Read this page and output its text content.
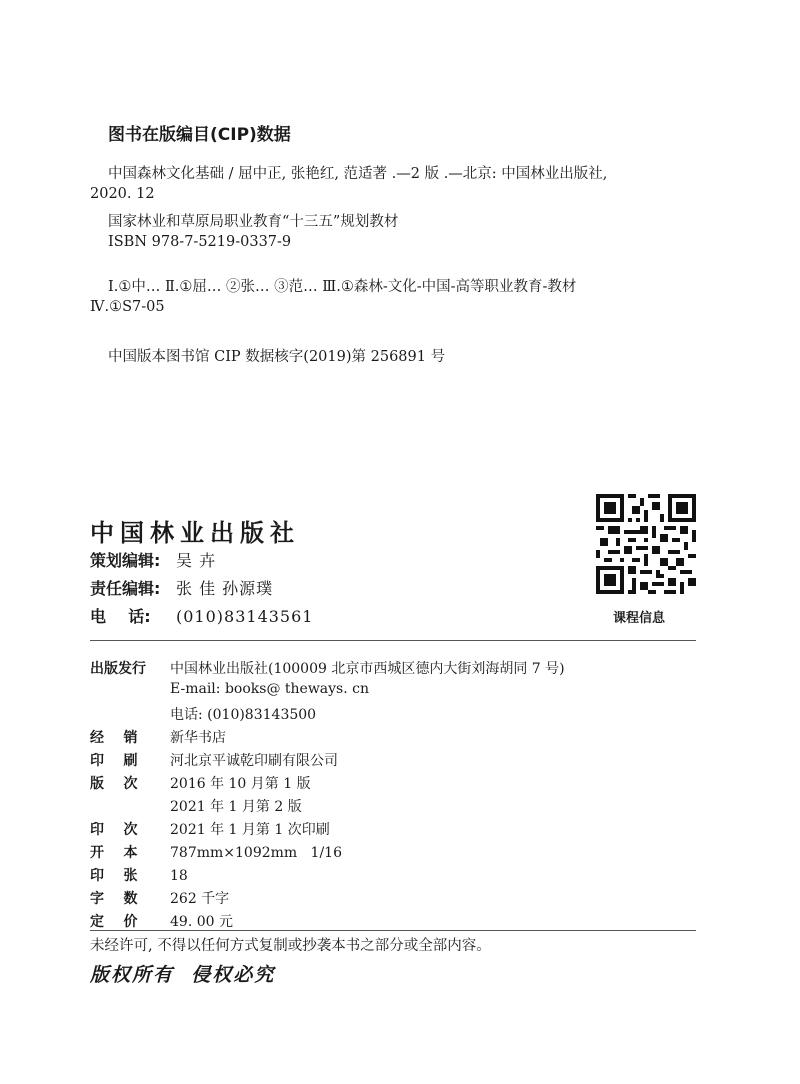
图书在版编目(CIP)数据
中国森林文化基础 / 屈中正, 张艳红, 范适著 .—2 版 .—北京: 中国林业出版社,
2020. 12
国家林业和草原局职业教育“十三五”规划教材
ISBN 978-7-5219-0337-9
Ⅰ.①中… Ⅱ.①屈… ②张… ③范… Ⅲ.①森林-文化-中国-高等职业教育-教材
Ⅳ.①S7-05
中国版本图书馆 CIP 数据核字(2019)第 256891 号
中国林业出版社
策划编辑: 吴 卉
责任编辑: 张 佳 孙源璞
电    话: (010)83143561	课程信息
出版发行 中国林业出版社(100009 北京市西城区德内大街刘海胡同 7 号)
E-mail: books@ theways. cn
电话: (010)83143500
经    销 新华书店
印    刷 河北京平诚乾印刷有限公司
版    次 2016 年 10 月第 1 版
2021 年 1 月第 2 版
印    次 2021 年 1 月第 1 次印刷
开    本 787mm×1092mm   1/16
印    张 18
字    数 262 千字
定    价 49. 00 元
未经许可, 不得以任何方式复制或抄袭本书之部分或全部内容。
版权所有  侵权必究
